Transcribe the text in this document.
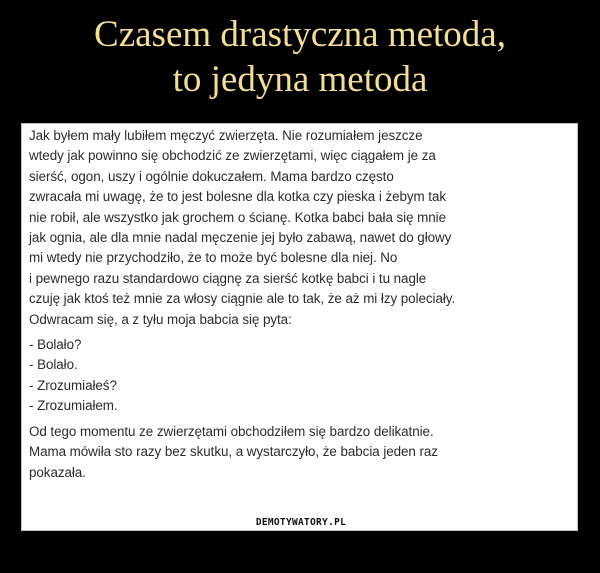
Czasem drastyczna metoda,
to jedyna metoda
Jak byłem mały lubiłem męczyć zwierzęta. Nie rozumiałem jeszcze
wtedy jak powinno się obchodzić ze zwierzętami, więc ciągałem je za
sierść, ogon, uszy i ogólnie dokuczałem. Mama bardzo często
zwracała mi uwagę, że to jest bolesne dla kotka czy pieska i żebym tak
nie robił, ale wszystko jak grochem o ścianę. Kotka babci bała się mnie
jak ognia, ale dla mnie nadal męczenie jej było zabawą, nawet do głowy
mi wtedy nie przychodziło, że to może być bolesne dla niej. No
i pewnego razu standardowo ciągnę za sierść kotkę babci i tu nagle
czuję jak ktoś też mnie za włosy ciągnie ale to tak, że aż mi łzy poleciały.
Odwracam się, a z tyłu moja babcia się pyta:
- Bolało?
- Bolało.
- Zrozumiałeś?
- Zrozumiałem.
Od tego momentu ze zwierzętami obchodziłem się bardzo delikatnie.
Mama mówiła sto razy bez skutku, a wystarczyło, że babcia jeden raz
pokazała.
DEMOTYWATORY.PL
